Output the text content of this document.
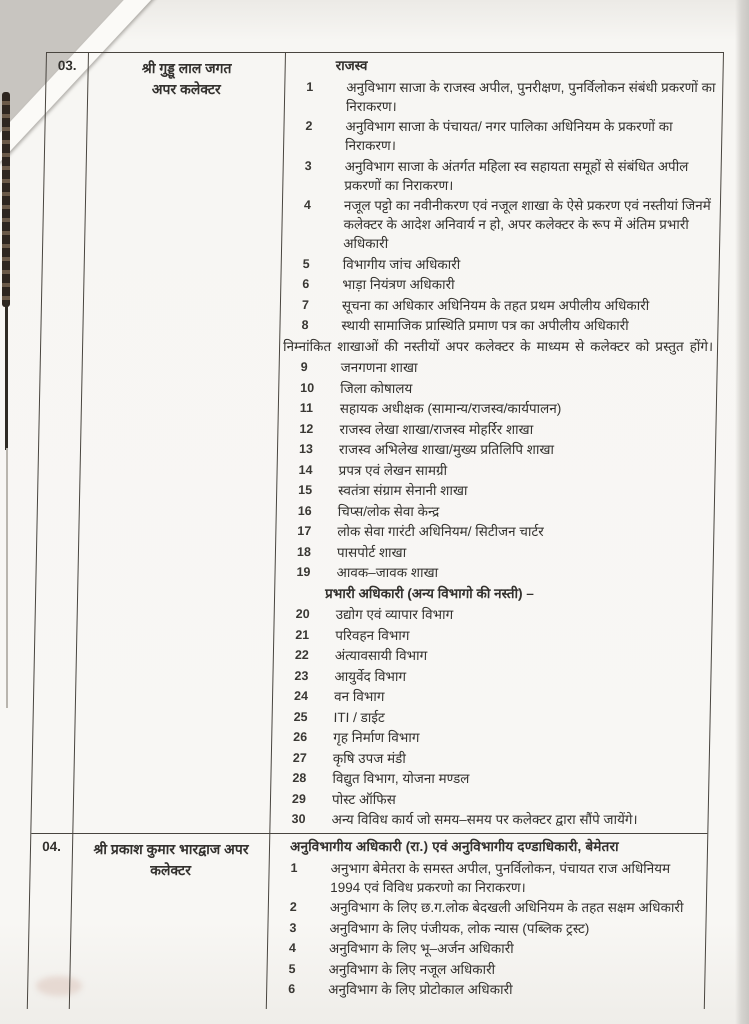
03.	श्री गुड्डू लाल जगत
अपर कलेक्टर
राजस्व
1	अनुविभाग साजा के राजस्व अपील, पुनरीक्षण, पुनर्विलोकन संबंधी प्रकरणों का निराकरण।
2	अनुविभाग साजा के पंचायत/ नगर पालिका अधिनियम के प्रकरणों का निराकरण।
3	अनुविभाग साजा के अंतर्गत महिला स्व सहायता समूहों से संबंधित अपील प्रकरणों का निराकरण।
4	नजूल पट्टो का नवीनीकरण एवं नजूल शाखा के ऐसे प्रकरण एवं नस्तीयां जिनमें कलेक्टर के आदेश अनिवार्य न हो, अपर कलेक्टर के रूप में अंतिम प्रभारी अधिकारी
5	विभागीय जांच अधिकारी
6	भाड़ा नियंत्रण अधिकारी
7	सूचना का अधिकार अधिनियम के तहत प्रथम अपीलीय अधिकारी
8	स्थायी सामाजिक प्रास्थिति प्रमाण पत्र का अपीलीय अधिकारी
निम्नांकित शाखाओं की नस्तीयों अपर कलेक्टर के माध्यम से कलेक्टर को प्रस्तुत होंगे।
9	जनगणना शाखा
10	जिला कोषालय
11	सहायक अधीक्षक (सामान्य/राजस्व/कार्यपालन)
12	राजस्व लेखा शाखा/राजस्व मोहर्रिर शाखा
13	राजस्व अभिलेख शाखा/मुख्य प्रतिलिपि शाखा
14	प्रपत्र एवं लेखन सामग्री
15	स्वतंत्रा संग्राम सेनानी शाखा
16	चिप्स/लोक सेवा केन्द्र
17	लोक सेवा गारंटी अधिनियम/ सिटीजन चार्टर
18	पासपोर्ट शाखा
19	आवक–जावक शाखा
प्रभारी अधिकारी (अन्य विभागो की नस्ती) –
20	उद्योग एवं व्यापार विभाग
21	परिवहन विभाग
22	अंत्यावसायी विभाग
23	आयुर्वेद विभाग
24	वन विभाग
25	ITI / डाईट
26	गृह निर्माण विभाग
27	कृषि उपज मंडी
28	विद्युत विभाग, योजना मण्डल
29	पोस्ट ऑफिस
30	अन्य विविध कार्य जो समय–समय पर कलेक्टर द्वारा सौंपे जायेंगे।
04.	श्री प्रकाश कुमार भारद्वाज अपर
कलेक्टर
अनुविभागीय अधिकारी (रा.) एवं अनुविभागीय दण्डाधिकारी, बेमेतरा
1	अनुभाग बेमेतरा के समस्त अपील, पुनर्विलोकन, पंचायत राज अधिनियम 1994 एवं विविध प्रकरणो का निराकरण।
2	अनुविभाग के लिए छ.ग.लोक बेदखली अधिनियम के तहत सक्षम अधिकारी
3	अनुविभाग के लिए पंजीयक, लोक न्यास (पब्लिक ट्रस्ट)
4	अनुविभाग के लिए भू–अर्जन अधिकारी
5	अनुविभाग के लिए नजूल अधिकारी
6	अनुविभाग के लिए प्रोटोकाल अधिकारी
